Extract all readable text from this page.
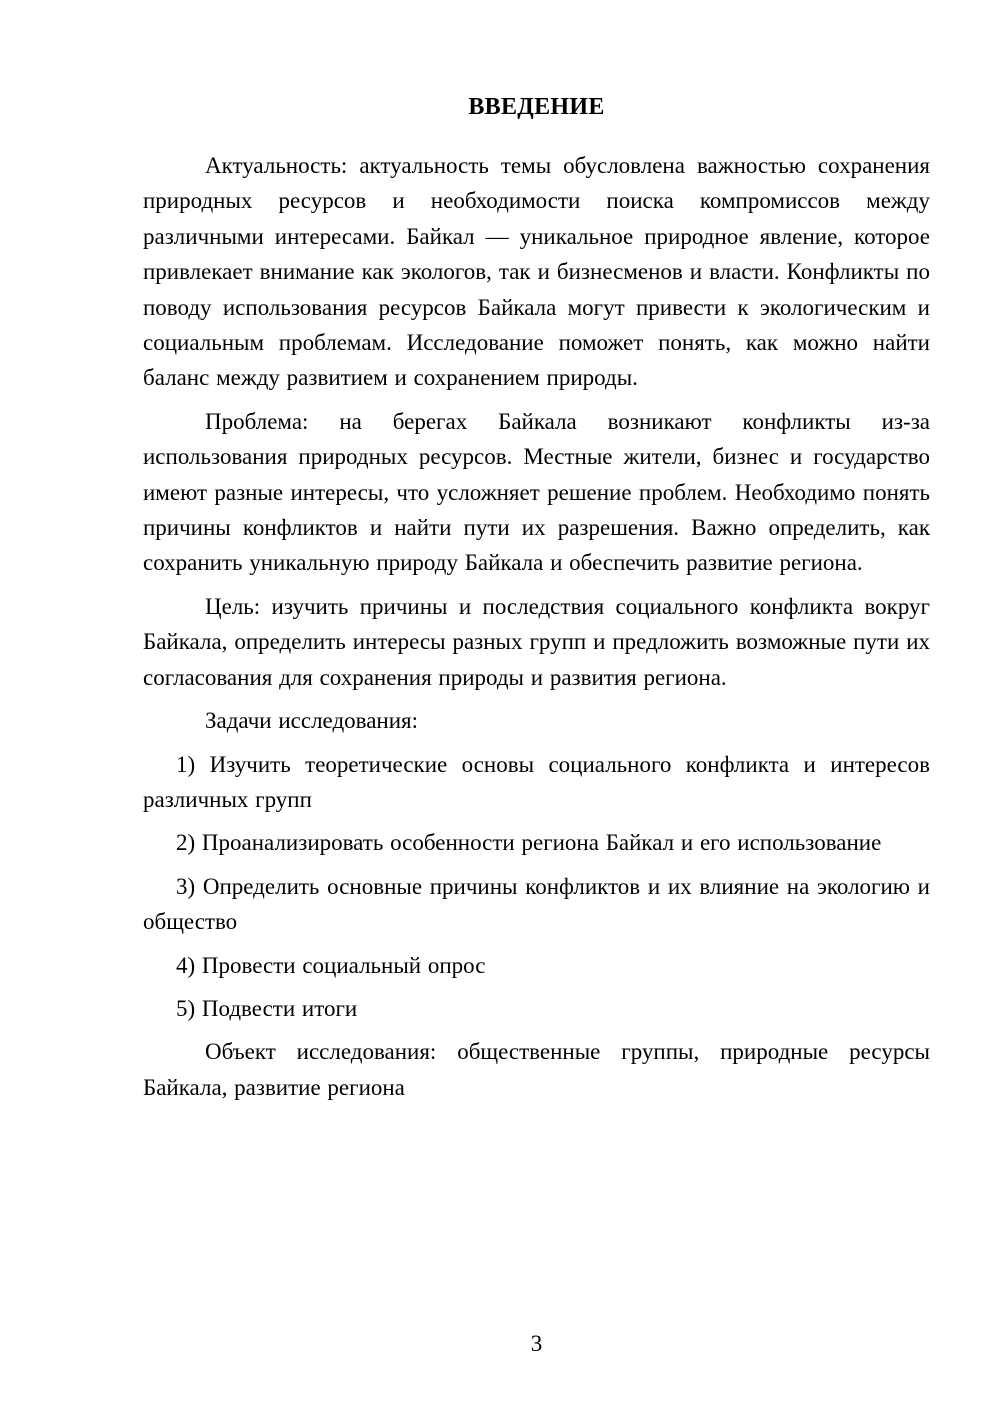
ВВЕДЕНИЕ

Актуальность: актуальность темы обусловлена важностью сохранения природных ресурсов и необходимости поиска компромиссов между различными интересами. Байкал — уникальное природное явление, которое привлекает внимание как экологов, так и бизнесменов и власти. Конфликты по поводу использования ресурсов Байкала могут привести к экологическим и социальным проблемам. Исследование поможет понять, как можно найти баланс между развитием и сохранением природы.

Проблема: на берегах Байкала возникают конфликты из-за использования природных ресурсов. Местные жители, бизнес и государство имеют разные интересы, что усложняет решение проблем. Необходимо понять причины конфликтов и найти пути их разрешения. Важно определить, как сохранить уникальную природу Байкала и обеспечить развитие региона.

Цель: изучить причины и последствия социального конфликта вокруг Байкала, определить интересы разных групп и предложить возможные пути их согласования для сохранения природы и развития региона.

Задачи исследования:

1) Изучить теоретические основы социального конфликта и интересов различных групп

2) Проанализировать особенности региона Байкал и его использование

3) Определить основные причины конфликтов и их влияние на экологию и общество

4) Провести социальный опрос

5) Подвести итоги

Объект исследования: общественные группы, природные ресурсы Байкала, развитие региона

3
